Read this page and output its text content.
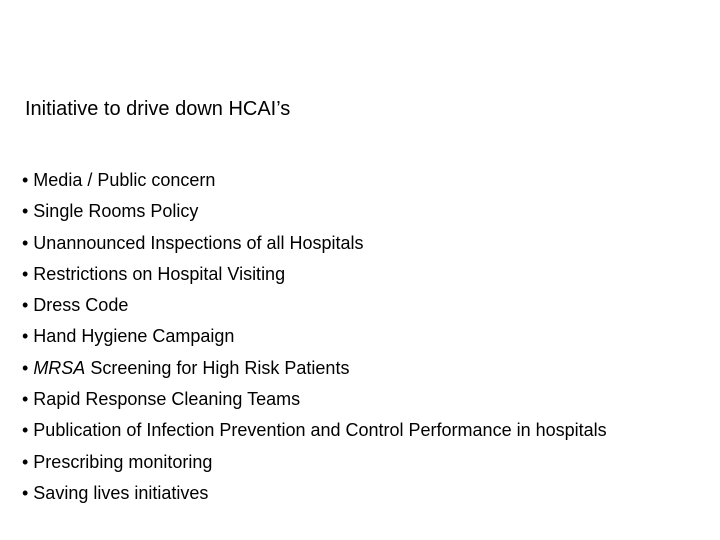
Initiative to drive down HCAI’s
• Media / Public concern
• Single Rooms Policy
• Unannounced Inspections of all Hospitals
• Restrictions on Hospital Visiting
• Dress Code
• Hand Hygiene Campaign
• MRSA Screening for High Risk Patients
• Rapid Response Cleaning Teams
• Publication of Infection Prevention and Control Performance in hospitals
• Prescribing monitoring
• Saving lives initiatives
